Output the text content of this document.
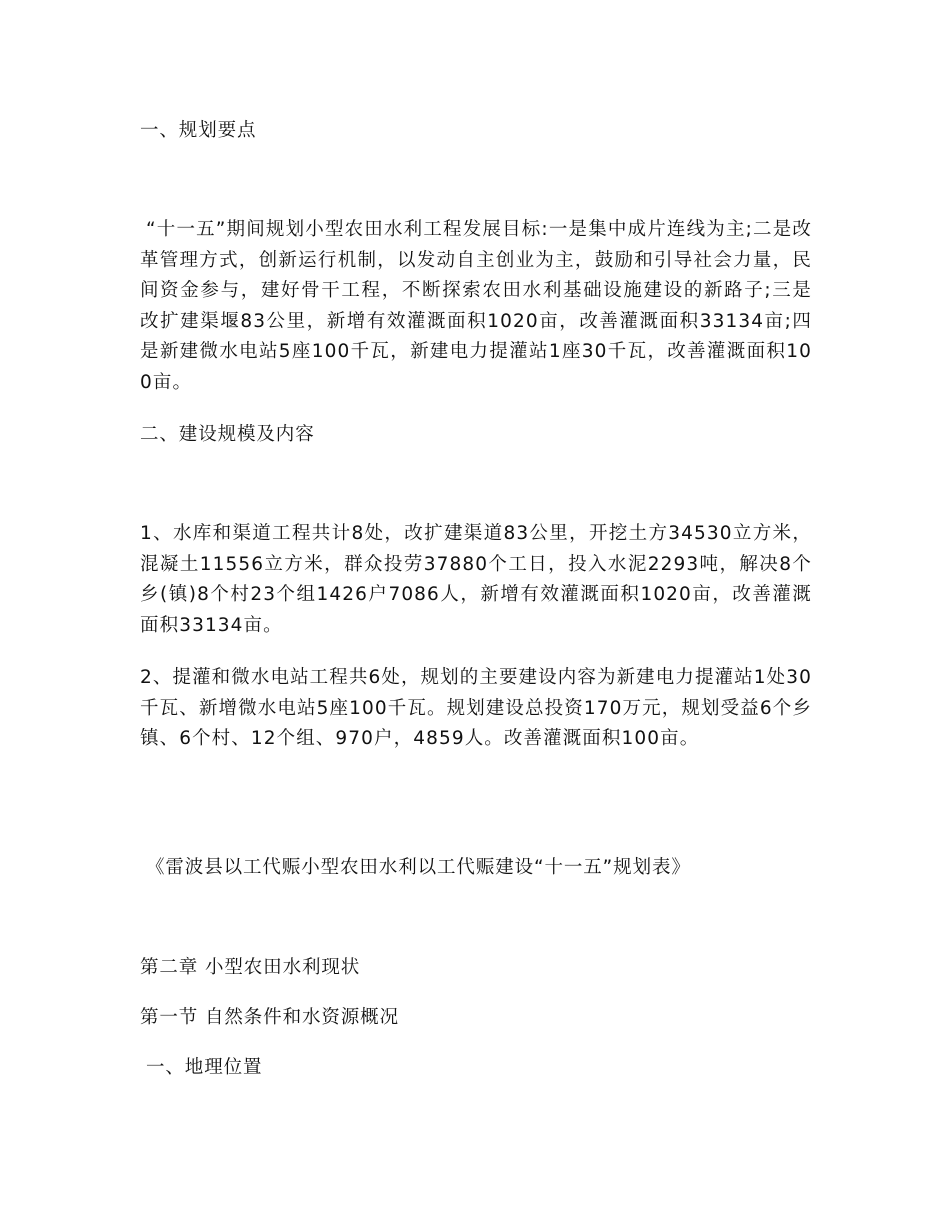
一、规划要点
“十一五”期间规划小型农田水利工程发展目标:一是集中成片连线为主;二是改革管理方式，创新运行机制，以发动自主创业为主，鼓励和引导社会力量，民间资金参与，建好骨干工程，不断探索农田水利基础设施建设的新路子;三是改扩建渠堰83公里，新增有效灌溉面积1020亩，改善灌溉面积33134亩;四是新建微水电站5座100千瓦，新建电力提灌站1座30千瓦，改善灌溉面积100亩。
二、建设规模及内容
1、水库和渠道工程共计8处，改扩建渠道83公里，开挖土方34530立方米，混凝土11556立方米，群众投劳37880个工日，投入水泥2293吨，解决8个乡(镇)8个村23个组1426户7086人，新增有效灌溉面积1020亩，改善灌溉面积33134亩。
2、提灌和微水电站工程共6处，规划的主要建设内容为新建电力提灌站1处30千瓦、新增微水电站5座100千瓦。规划建设总投资170万元，规划受益6个乡镇、6个村、12个组、970户，4859人。改善灌溉面积100亩。
《雷波县以工代赈小型农田水利以工代赈建设“十一五”规划表》
第二章 小型农田水利现状
第一节 自然条件和水资源概况
一、地理位置
